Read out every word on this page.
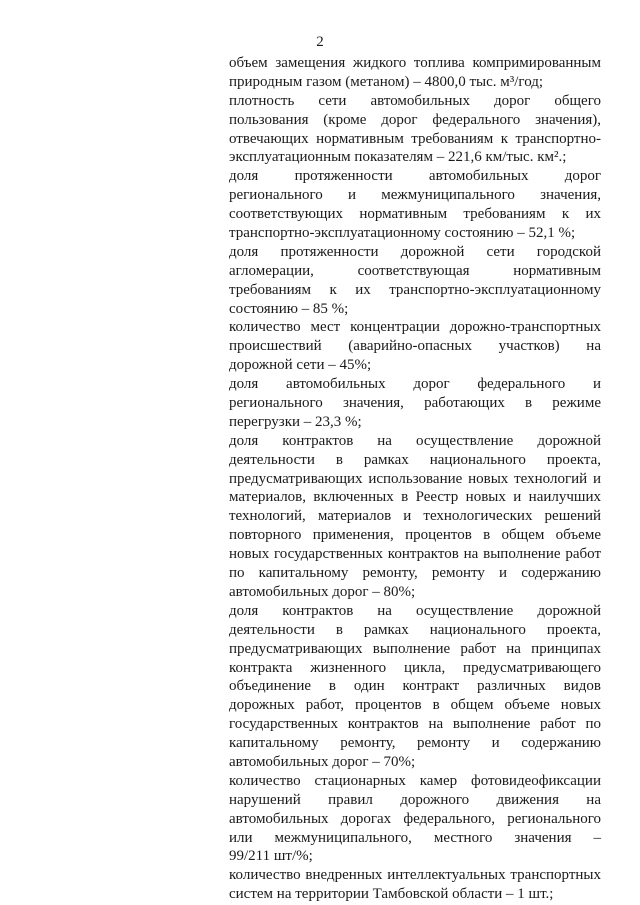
2
объем замещения жидкого топлива компримированным
природным газом (метаном) – 4800,0 тыс. м³/год;
плотность сети автомобильных дорог общего
пользования (кроме дорог федерального значения),
отвечающих нормативным требованиям к транспортно-
эксплуатационным показателям – 221,6 км/тыс. км².;
доля протяженности автомобильных дорог
регионального и межмуниципального значения,
соответствующих нормативным требованиям к их
транспортно-эксплуатационному состоянию – 52,1 %;
доля протяженности дорожной сети городской
агломерации, соответствующая нормативным
требованиям к их транспортно-эксплуатационному
состоянию – 85 %;
количество мест концентрации дорожно-транспортных
происшествий (аварийно-опасных участков) на
дорожной сети – 45%;
доля автомобильных дорог федерального и
регионального значения, работающих в режиме
перегрузки – 23,3 %;
доля контрактов на осуществление дорожной
деятельности в рамках национального проекта,
предусматривающих использование новых технологий и
материалов, включенных в Реестр новых и наилучших
технологий, материалов и технологических решений
повторного применения, процентов в общем объеме
новых государственных контрактов на выполнение работ
по капитальному ремонту, ремонту и содержанию
автомобильных дорог – 80%;
доля контрактов на осуществление дорожной
деятельности в рамках национального проекта,
предусматривающих выполнение работ на принципах
контракта жизненного цикла, предусматривающего
объединение в один контракт различных видов
дорожных работ, процентов в общем объеме новых
государственных контрактов на выполнение работ по
капитальному ремонту, ремонту и содержанию
автомобильных дорог – 70%;
количество стационарных камер фотовидеофиксации
нарушений правил дорожного движения на
автомобильных дорогах федерального, регионального
или межмуниципального, местного значения –
99/211 шт/%;
количество внедренных интеллектуальных транспортных
систем на территории Тамбовской области – 1 шт.;
